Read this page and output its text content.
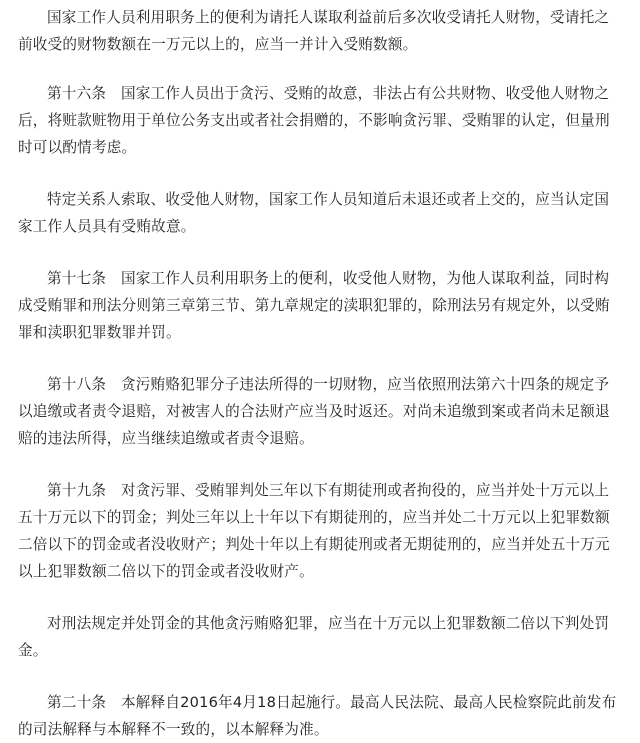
国家工作人员利用职务上的便利为请托人谋取利益前后多次收受请托人财物，受请托之前收受的财物数额在一万元以上的，应当一并计入受贿数额。

第十六条　国家工作人员出于贪污、受贿的故意，非法占有公共财物、收受他人财物之后，将赃款赃物用于单位公务支出或者社会捐赠的，不影响贪污罪、受贿罪的认定，但量刑时可以酌情考虑。

特定关系人索取、收受他人财物，国家工作人员知道后未退还或者上交的，应当认定国家工作人员具有受贿故意。

第十七条　国家工作人员利用职务上的便利，收受他人财物，为他人谋取利益，同时构成受贿罪和刑法分则第三章第三节、第九章规定的渎职犯罪的，除刑法另有规定外，以受贿罪和渎职犯罪数罪并罚。

第十八条　贪污贿赂犯罪分子违法所得的一切财物，应当依照刑法第六十四条的规定予以追缴或者责令退赔，对被害人的合法财产应当及时返还。对尚未追缴到案或者尚未足额退赔的违法所得，应当继续追缴或者责令退赔。

第十九条　对贪污罪、受贿罪判处三年以下有期徒刑或者拘役的，应当并处十万元以上五十万元以下的罚金；判处三年以上十年以下有期徒刑的，应当并处二十万元以上犯罪数额二倍以下的罚金或者没收财产；判处十年以上有期徒刑或者无期徒刑的，应当并处五十万元以上犯罪数额二倍以下的罚金或者没收财产。

对刑法规定并处罚金的其他贪污贿赂犯罪，应当在十万元以上犯罪数额二倍以下判处罚金。

第二十条　本解释自2016年4月18日起施行。最高人民法院、最高人民检察院此前发布的司法解释与本解释不一致的，以本解释为准。
